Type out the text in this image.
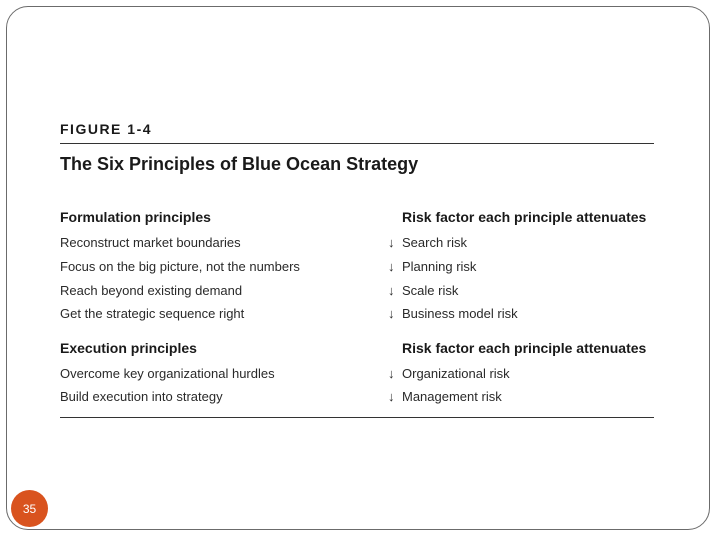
FIGURE 1-4
The Six Principles of Blue Ocean Strategy
Formulation principles	Risk factor each principle attenuates
Reconstruct market boundaries	↓ Search risk
Focus on the big picture, not the numbers	↓ Planning risk
Reach beyond existing demand	↓ Scale risk
Get the strategic sequence right	↓ Business model risk
Execution principles	Risk factor each principle attenuates
Overcome key organizational hurdles	↓ Organizational risk
Build execution into strategy	↓ Management risk
35
